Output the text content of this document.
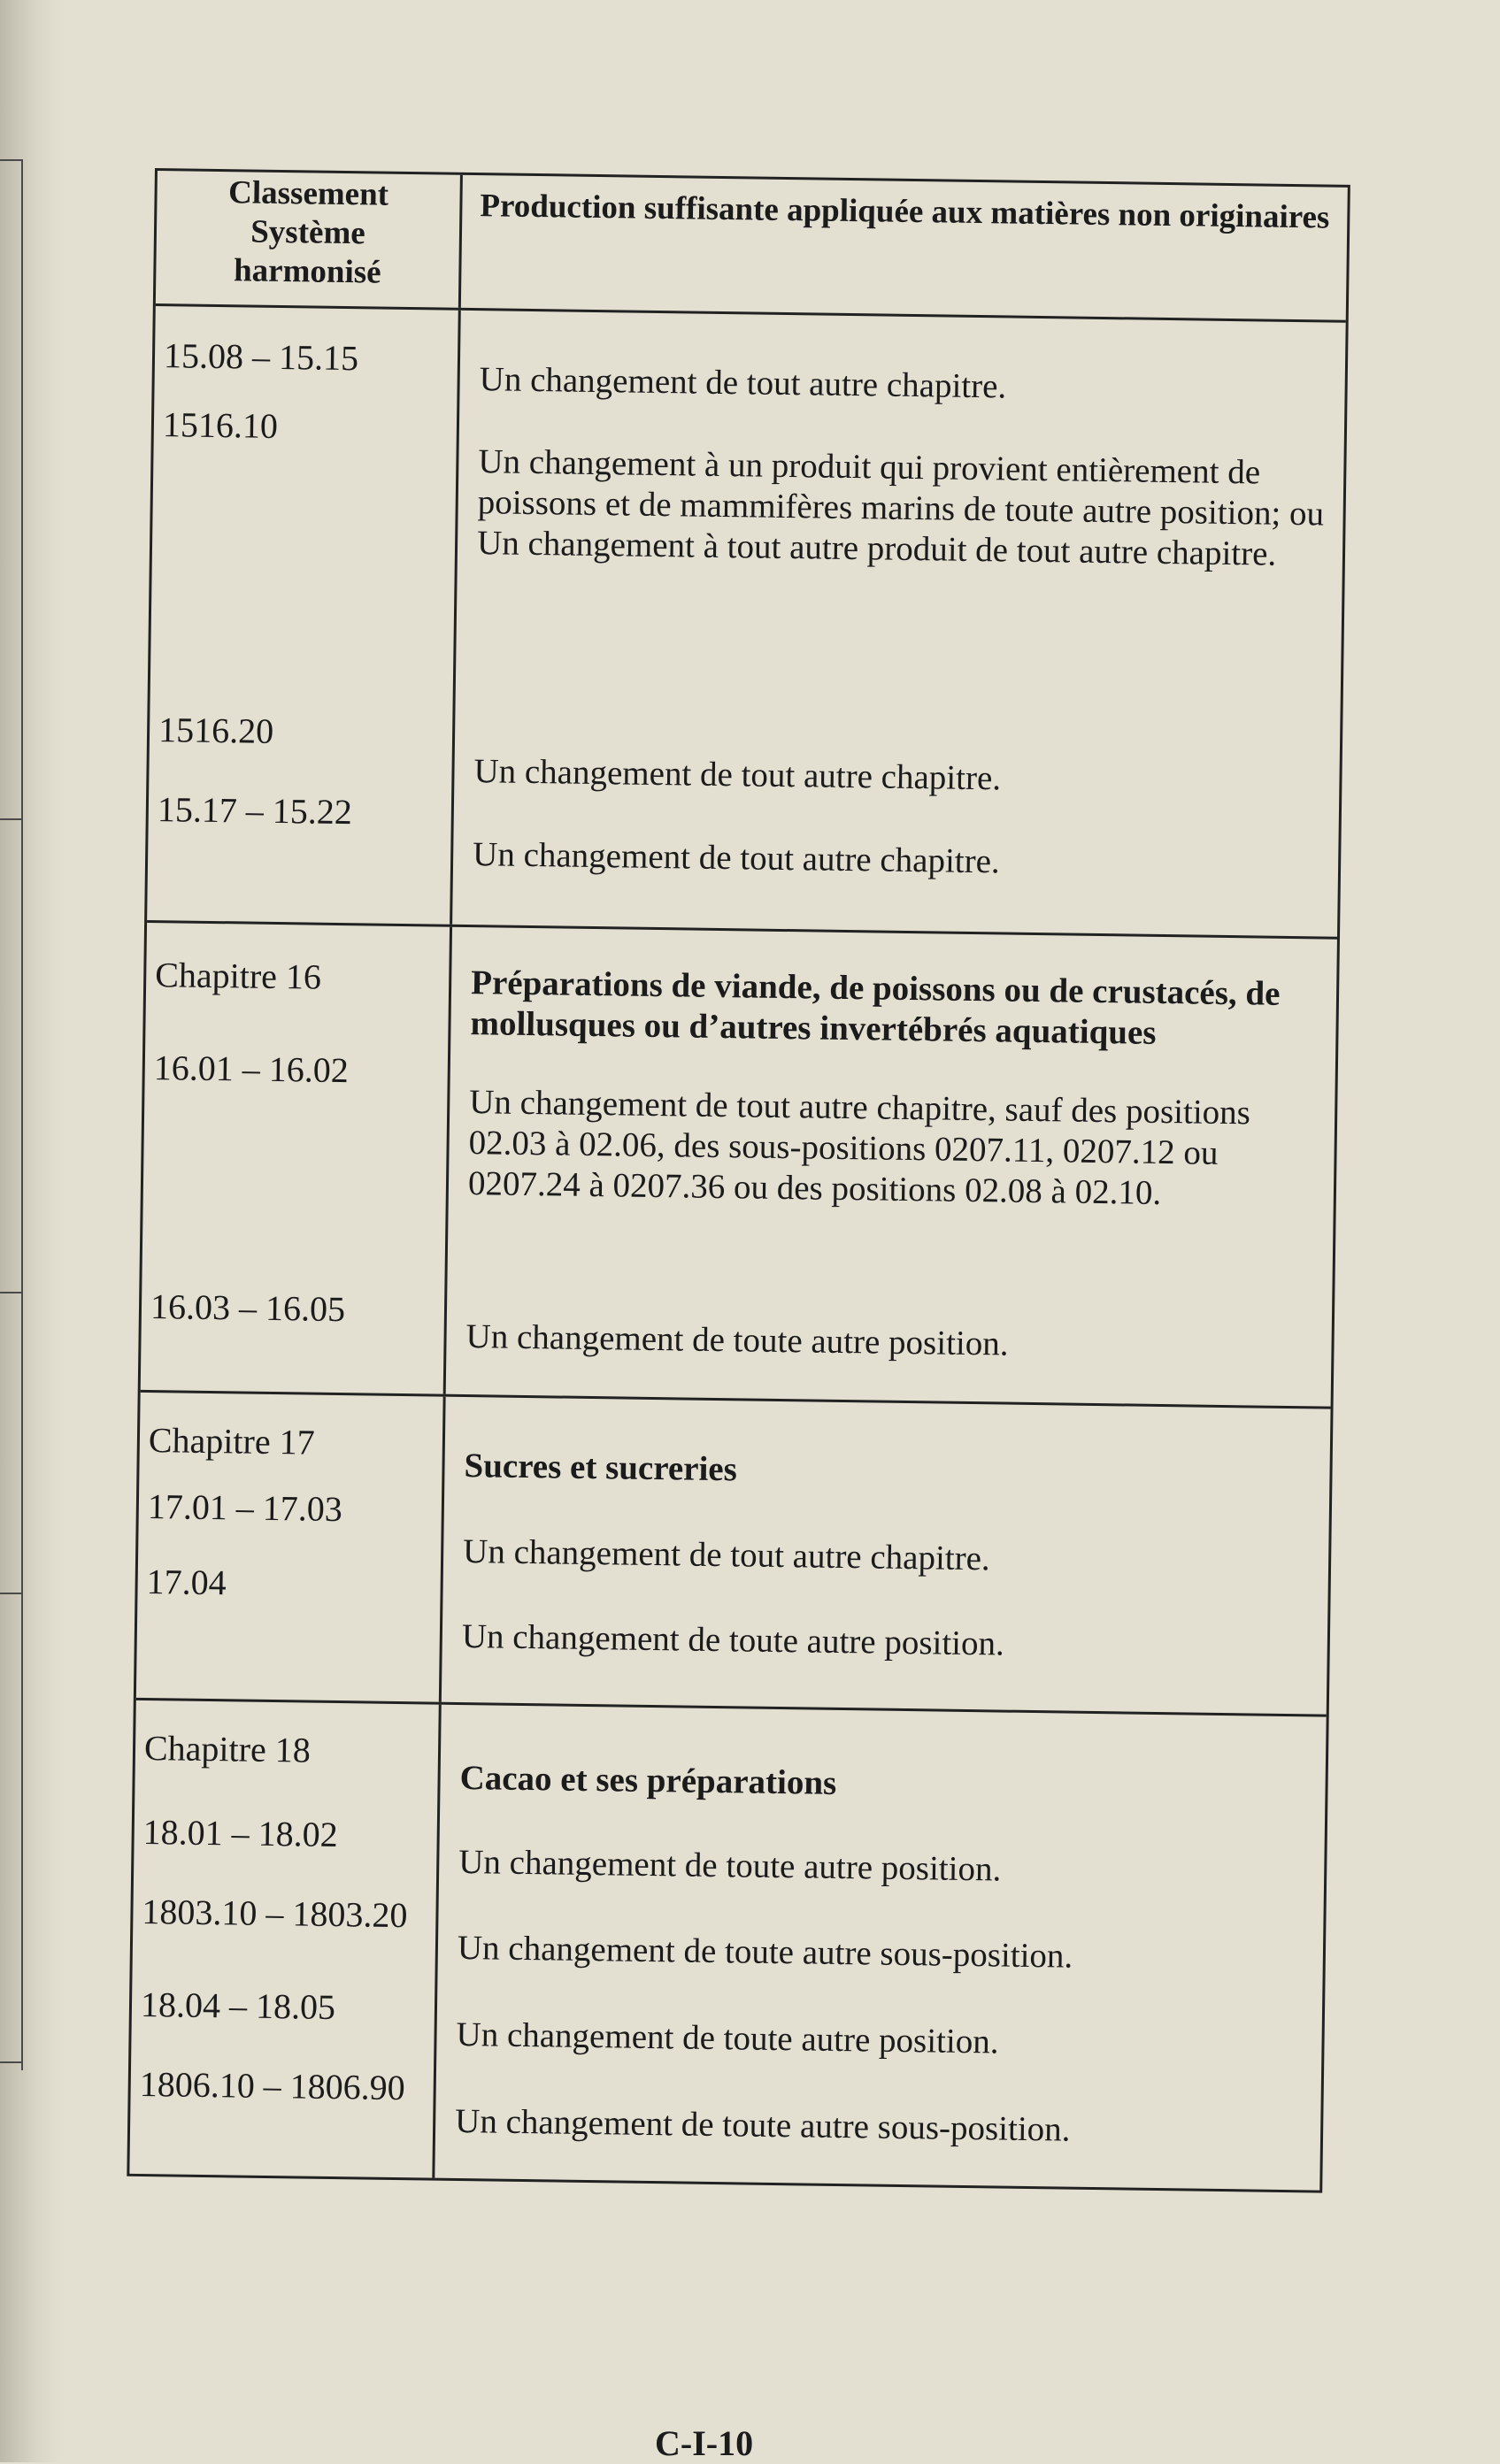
Classement
Système
harmonisé
Production suffisante appliquée aux matières non originaires
15.08 – 15.15
1516.10
1516.20
15.17 – 15.22
Un changement de tout autre chapitre.
Un changement à un produit qui provient entièrement de poissons et de mammifères marins de toute autre position; ou Un changement à tout autre produit de tout autre chapitre.
Un changement de tout autre chapitre.
Un changement de tout autre chapitre.
Chapitre 16
16.01 – 16.02
16.03 – 16.05
Préparations de viande, de poissons ou de crustacés, de mollusques ou d’autres invertébrés aquatiques
Un changement de tout autre chapitre, sauf des positions 02.03 à 02.06, des sous-positions 0207.11, 0207.12 ou 0207.24 à 0207.36 ou des positions 02.08 à 02.10.
Un changement de toute autre position.
Chapitre 17
17.01 – 17.03
17.04
Sucres et sucreries
Un changement de tout autre chapitre.
Un changement de toute autre position.
Chapitre 18
18.01 – 18.02
1803.10 – 1803.20
18.04 – 18.05
1806.10 – 1806.90
Cacao et ses préparations
Un changement de toute autre position.
Un changement de toute autre sous-position.
Un changement de toute autre position.
Un changement de toute autre sous-position.
C-I-10
